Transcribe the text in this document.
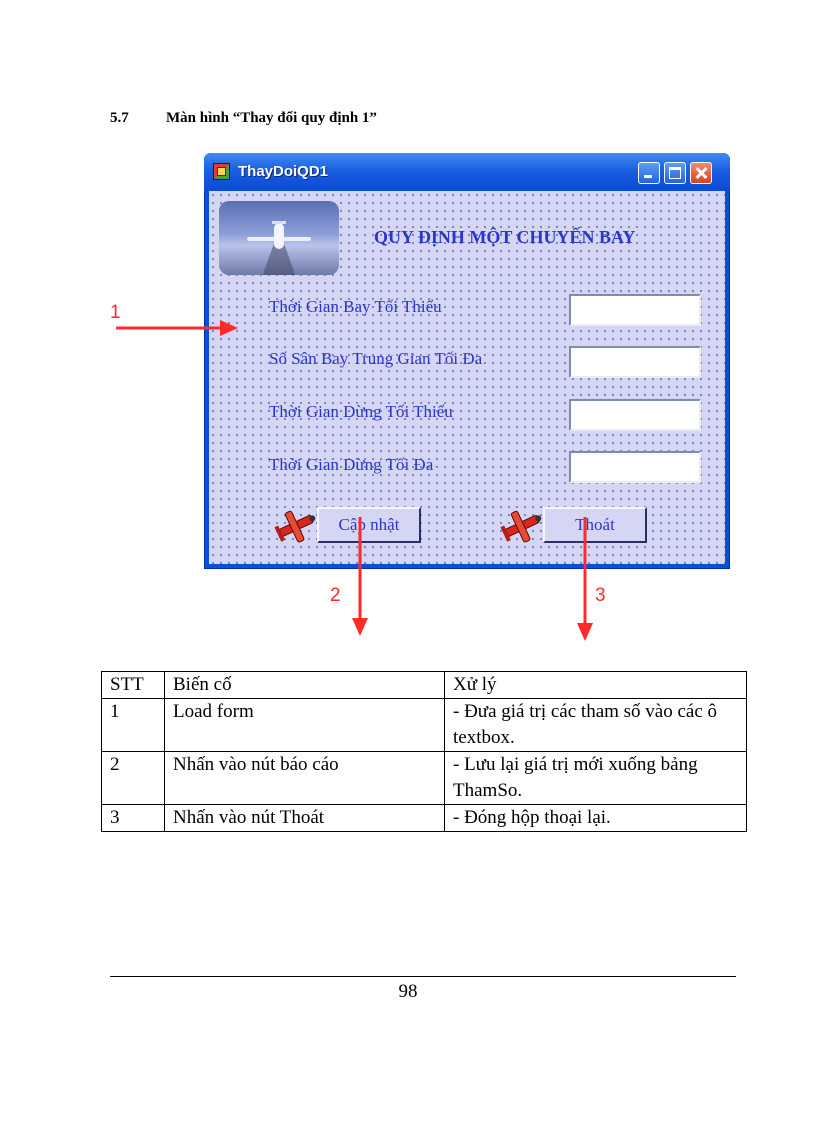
5.7 Màn hình “Thay đổi quy định 1”
ThayDoiQD1
QUY ĐỊNH MỘT CHUYẾN BAY
Thời Gian Bay Tối Thiểu
Số Sân Bay Trung Gian Tối Đa
Thời Gian Dừng Tối Thiểu
Thời Gian Dừng Tối Đa
Cập nhật	Thoát
1
2	3
STT	Biến cố	Xử lý
1	Load form	- Đưa giá trị các tham số vào các ô textbox.
2	Nhấn vào nút báo cáo	- Lưu lại giá trị mới xuống bảng ThamSo.
3	Nhấn vào nút Thoát	- Đóng hộp thoại lại.
98
